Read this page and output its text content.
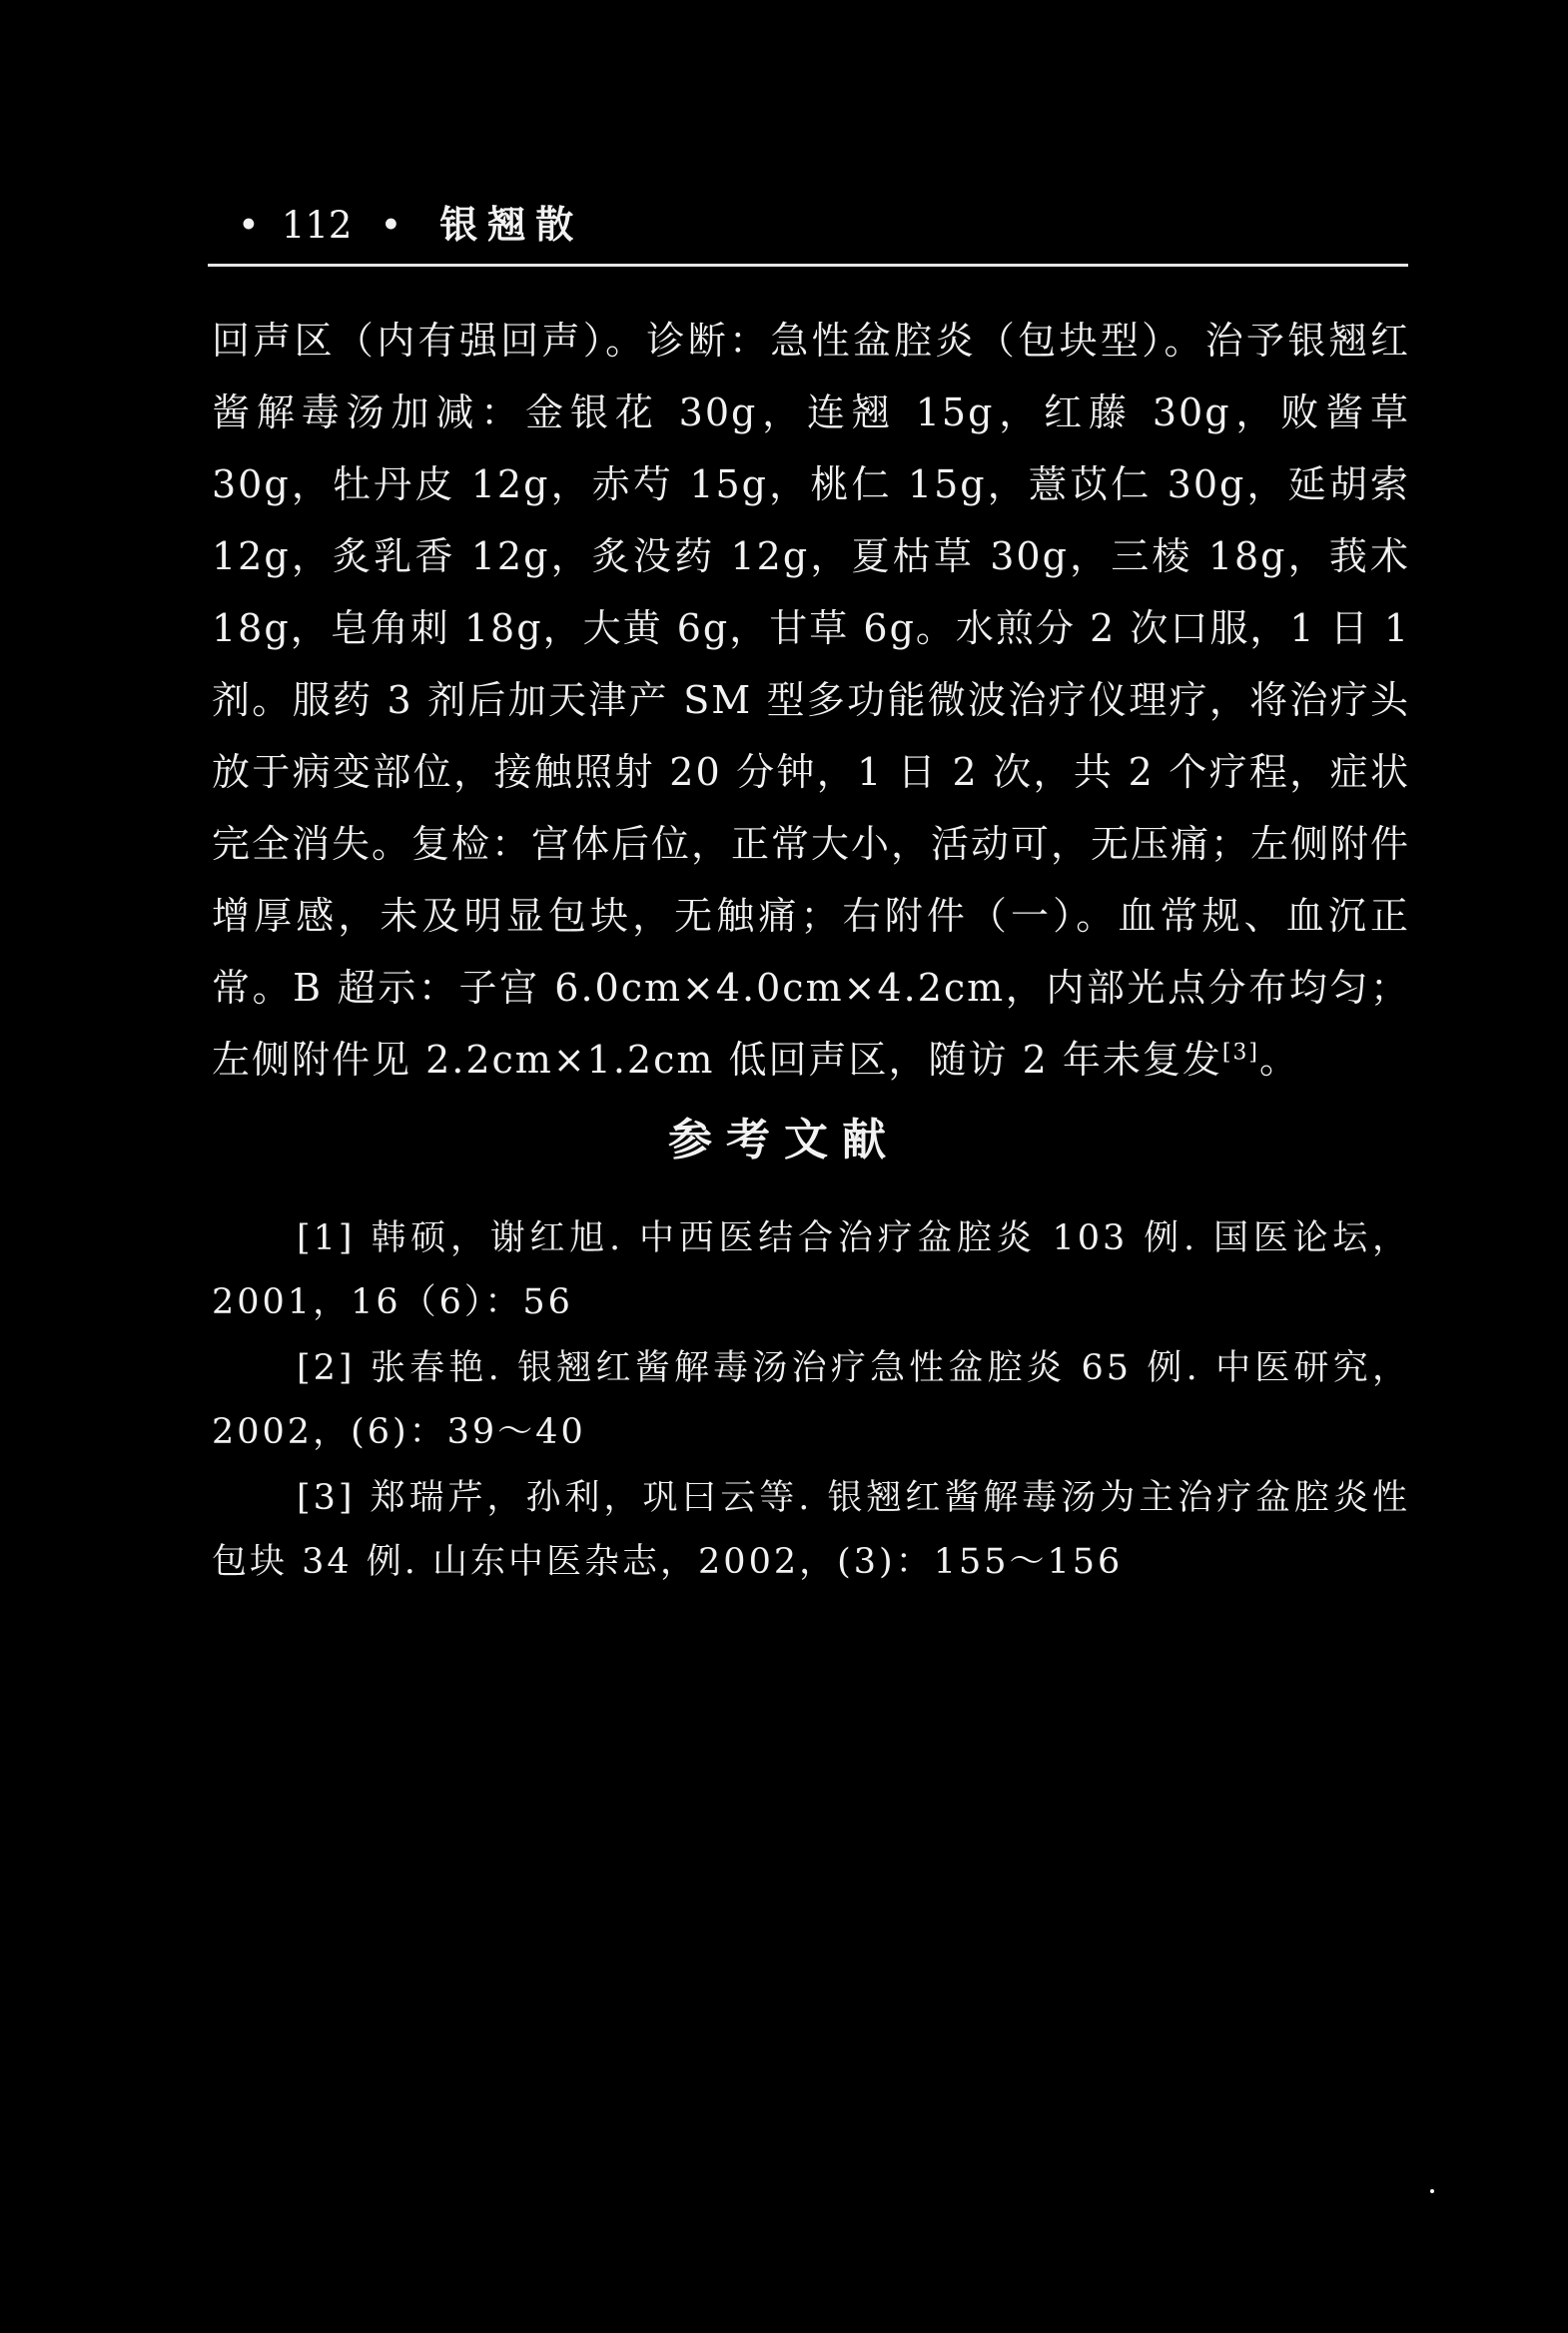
• 112 • 银翘散

回声区（内有强回声）。诊断：急性盆腔炎（包块型）。治予银翘红酱解毒汤加减：金银花 30g，连翘 15g，红藤 30g，败酱草 30g，牡丹皮 12g，赤芍 15g，桃仁 15g，薏苡仁 30g，延胡索 12g，炙乳香 12g，炙没药 12g，夏枯草 30g，三棱 18g，莪术 18g，皂角刺 18g，大黄 6g，甘草 6g。水煎分 2 次口服，1 日 1 剂。服药 3 剂后加天津产 SM 型多功能微波治疗仪理疗，将治疗头放于病变部位，接触照射 20 分钟，1 日 2 次，共 2 个疗程，症状完全消失。复检：宫体后位，正常大小，活动可，无压痛；左侧附件增厚感，未及明显包块，无触痛；右附件（一）。血常规、血沉正常。B 超示：子宫 6.0cm×4.0cm×4.2cm，内部光点分布均匀；左侧附件见 2.2cm×1.2cm 低回声区，随访 2 年未复发[3]。

参考文献

[1] 韩硕，谢红旭. 中西医结合治疗盆腔炎 103 例. 国医论坛，2001，16（6）：56

[2] 张春艳. 银翘红酱解毒汤治疗急性盆腔炎 65 例. 中医研究，2002，(6)：39～40

[3] 郑瑞芹，孙利，巩曰云等. 银翘红酱解毒汤为主治疗盆腔炎性包块 34 例. 山东中医杂志，2002，(3)：155～156
